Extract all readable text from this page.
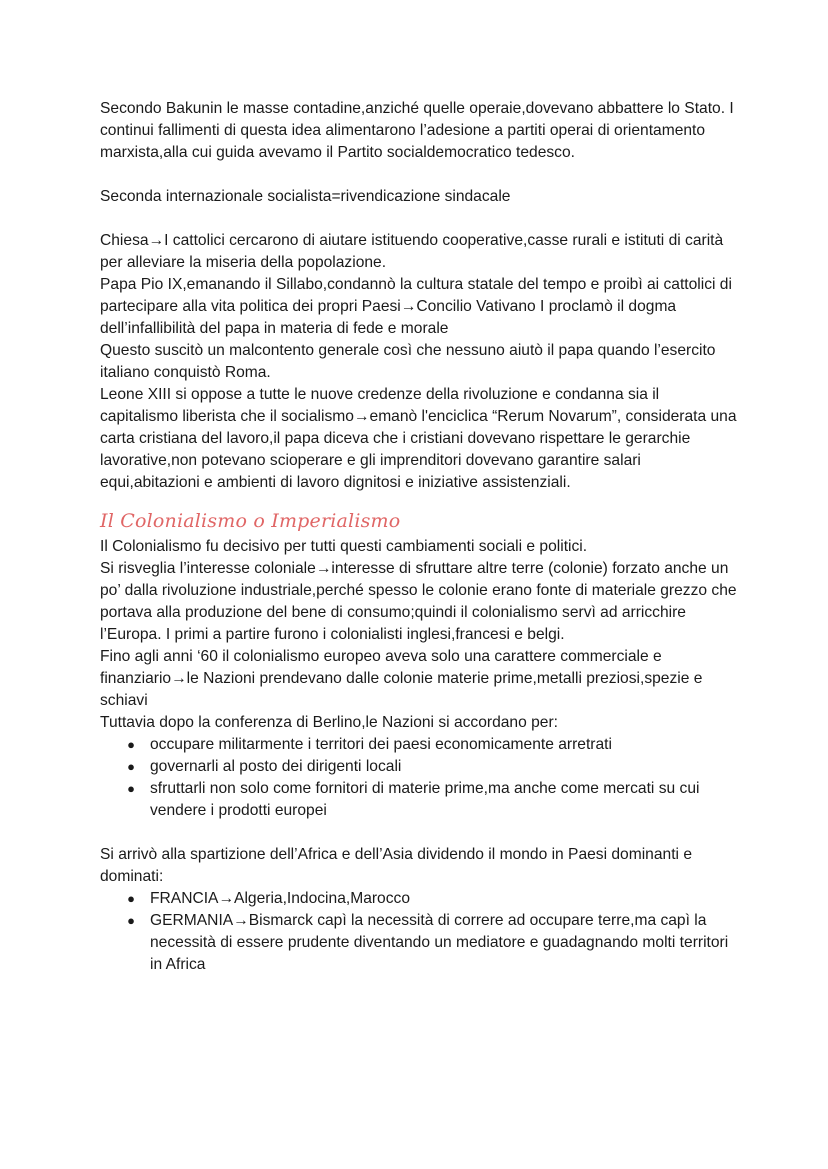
Secondo Bakunin le masse contadine,anziché quelle operaie,dovevano abbattere lo Stato. I continui fallimenti di questa idea alimentarono l’adesione a partiti operai di orientamento marxista,alla cui guida avevamo il Partito socialdemocratico tedesco.

Seconda internazionale socialista=rivendicazione sindacale

Chiesa→I cattolici cercarono di aiutare istituendo cooperative,casse rurali e istituti di carità per alleviare la miseria della popolazione.

Papa Pio IX,emanando il Sillabo,condannò la cultura statale del tempo e proibì ai cattolici di partecipare alla vita politica dei propri Paesi→Concilio Vativano I proclamò il dogma dell’infallibilità del papa in materia di fede e morale

Questo suscitò un malcontento generale così che nessuno aiutò il papa quando l’esercito italiano conquistò Roma.

Leone XIII si oppose a tutte le nuove credenze della rivoluzione e condanna sia il capitalismo liberista che il socialismo→emanò l'enciclica “Rerum Novarum”, considerata una carta cristiana del lavoro,il papa diceva che i cristiani dovevano rispettare le gerarchie lavorative,non potevano scioperare e gli imprenditori dovevano garantire salari equi,abitazioni e ambienti di lavoro dignitosi e iniziative assistenziali.

Il Colonialismo o Imperialismo

Il Colonialismo fu decisivo per tutti questi cambiamenti sociali e politici.

Si risveglia l’interesse coloniale→interesse di sfruttare altre terre (colonie) forzato anche un po’ dalla rivoluzione industriale,perché spesso le colonie erano fonte di materiale grezzo che portava alla produzione del bene di consumo;quindi il colonialismo servì ad arricchire l’Europa. I primi a partire furono i colonialisti inglesi,francesi e belgi.

Fino agli anni ‘60 il colonialismo europeo aveva solo una carattere commerciale e finanziario→le Nazioni prendevano dalle colonie materie prime,metalli preziosi,spezie e schiavi

Tuttavia dopo la conferenza di Berlino,le Nazioni si accordano per:

● occupare militarmente i territori dei paesi economicamente arretrati
● governarli al posto dei dirigenti locali
● sfruttarli non solo come fornitori di materie prime,ma anche come mercati su cui vendere i prodotti europei

Si arrivò alla spartizione dell’Africa e dell’Asia dividendo il mondo in Paesi dominanti e dominati:

● FRANCIA→Algeria,Indocina,Marocco
● GERMANIA→Bismarck capì la necessità di correre ad occupare terre,ma capì la necessità di essere prudente diventando un mediatore e guadagnando molti territori in Africa
